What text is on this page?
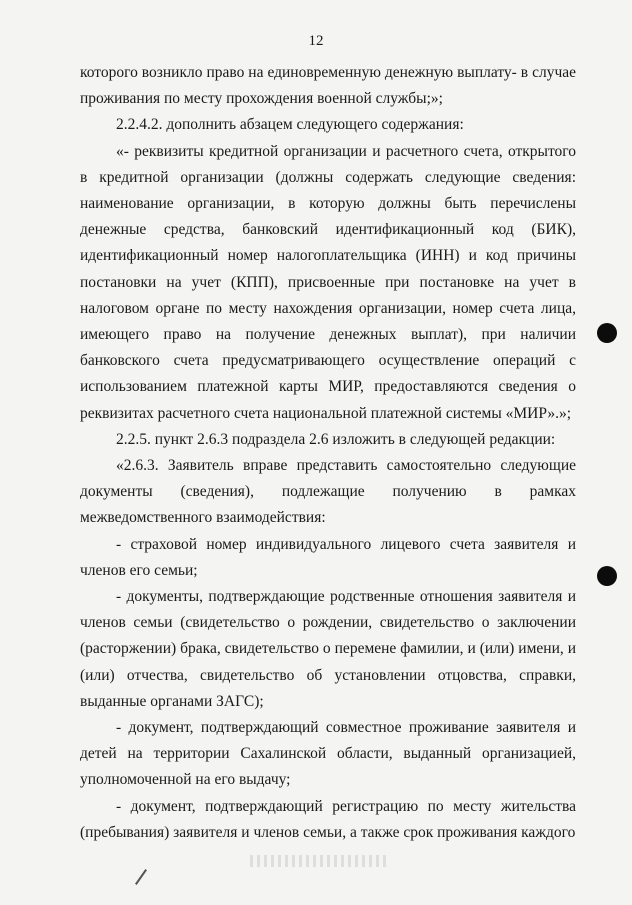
12

которого возникло право на единовременную денежную выплату- в случае проживания по месту прохождения военной службы;»;

2.2.4.2. дополнить абзацем следующего содержания:

«- реквизиты кредитной организации и расчетного счета, открытого в кредитной организации (должны содержать следующие сведения: наименование организации, в которую должны быть перечислены денежные средства, банковский идентификационный код (БИК), идентификационный номер налогоплательщика (ИНН) и код причины постановки на учет (КПП), присвоенные при постановке на учет в налоговом органе по месту нахождения организации, номер счета лица, имеющего право на получение денежных выплат), при наличии банковского счета предусматривающего осуществление операций с использованием платежной карты МИР, предоставляются сведения о реквизитах расчетного счета национальной платежной системы «МИР».»;

2.2.5. пункт 2.6.3 подраздела 2.6 изложить в следующей редакции:

«2.6.3. Заявитель вправе представить самостоятельно следующие документы (сведения), подлежащие получению в рамках межведомственного взаимодействия:

- страховой номер индивидуального лицевого счета заявителя и членов его семьи;

- документы, подтверждающие родственные отношения заявителя и членов семьи (свидетельство о рождении, свидетельство о заключении (расторжении) брака, свидетельство о перемене фамилии, и (или) имени, и (или) отчества, свидетельство об установлении отцовства, справки, выданные органами ЗАГС);

- документ, подтверждающий совместное проживание заявителя и детей на территории Сахалинской области, выданный организацией, уполномоченной на его выдачу;

- документ, подтверждающий регистрацию по месту жительства (пребывания) заявителя и членов семьи, а также срок проживания каждого
